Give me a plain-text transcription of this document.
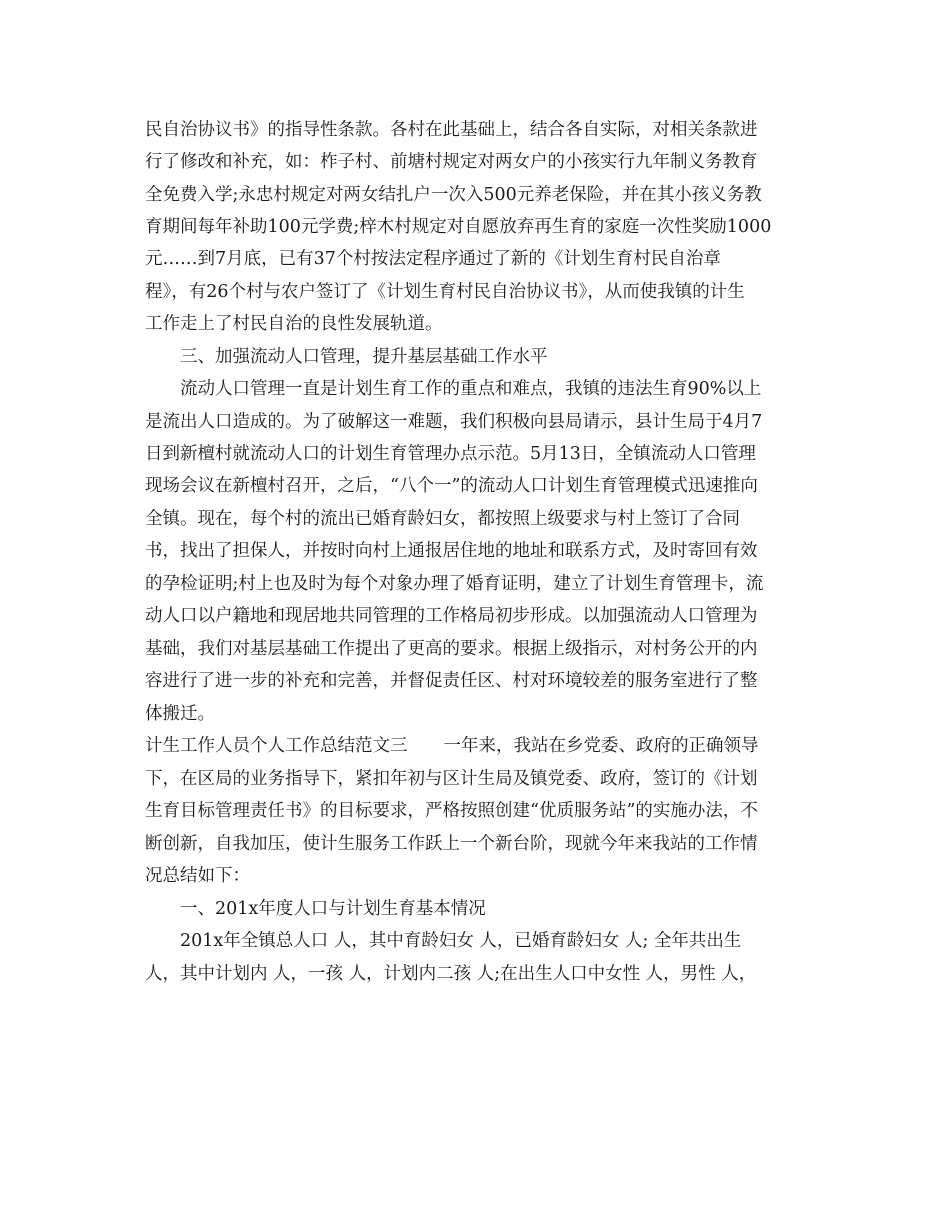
民自治协议书》的指导性条款。各村在此基础上，结合各自实际，对相关条款进
行了修改和补充，如：柞子村、前塘村规定对两女户的小孩实行九年制义务教育
全免费入学;永忠村规定对两女结扎户一次入500元养老保险，并在其小孩义务教
育期间每年补助100元学费;梓木村规定对自愿放弃再生育的家庭一次性奖励1000
元……到7月底，已有37个村按法定程序通过了新的《计划生育村民自治章
程》，有26个村与农户签订了《计划生育村民自治协议书》，从而使我镇的计生
工作走上了村民自治的良性发展轨道。
三、加强流动人口管理，提升基层基础工作水平
流动人口管理一直是计划生育工作的重点和难点，我镇的违法生育90%以上
是流出人口造成的。为了破解这一难题，我们积极向县局请示，县计生局于4月7
日到新檀村就流动人口的计划生育管理办点示范。5月13日，全镇流动人口管理
现场会议在新檀村召开，之后，“八个一”的流动人口计划生育管理模式迅速推向
全镇。现在，每个村的流出已婚育龄妇女，都按照上级要求与村上签订了合同
书，找出了担保人，并按时向村上通报居住地的地址和联系方式，及时寄回有效
的孕检证明;村上也及时为每个对象办理了婚育证明，建立了计划生育管理卡，流
动人口以户籍地和现居地共同管理的工作格局初步形成。以加强流动人口管理为
基础，我们对基层基础工作提出了更高的要求。根据上级指示，对村务公开的内
容进行了进一步的补充和完善，并督促责任区、村对环境较差的服务室进行了整
体搬迁。
计生工作人员个人工作总结范文三 一年来，我站在乡党委、政府的正确领导
下，在区局的业务指导下，紧扣年初与区计生局及镇党委、政府，签订的《计划
生育目标管理责任书》的目标要求，严格按照创建“优质服务站”的实施办法，不
断创新，自我加压，使计生服务工作跃上一个新台阶，现就今年来我站的工作情
况总结如下：
一、201x年度人口与计划生育基本情况
201x年全镇总人口 人，其中育龄妇女 人，已婚育龄妇女 人; 全年共出生
人，其中计划内 人，一孩 人，计划内二孩 人;在出生人口中女性 人，男性 人，
